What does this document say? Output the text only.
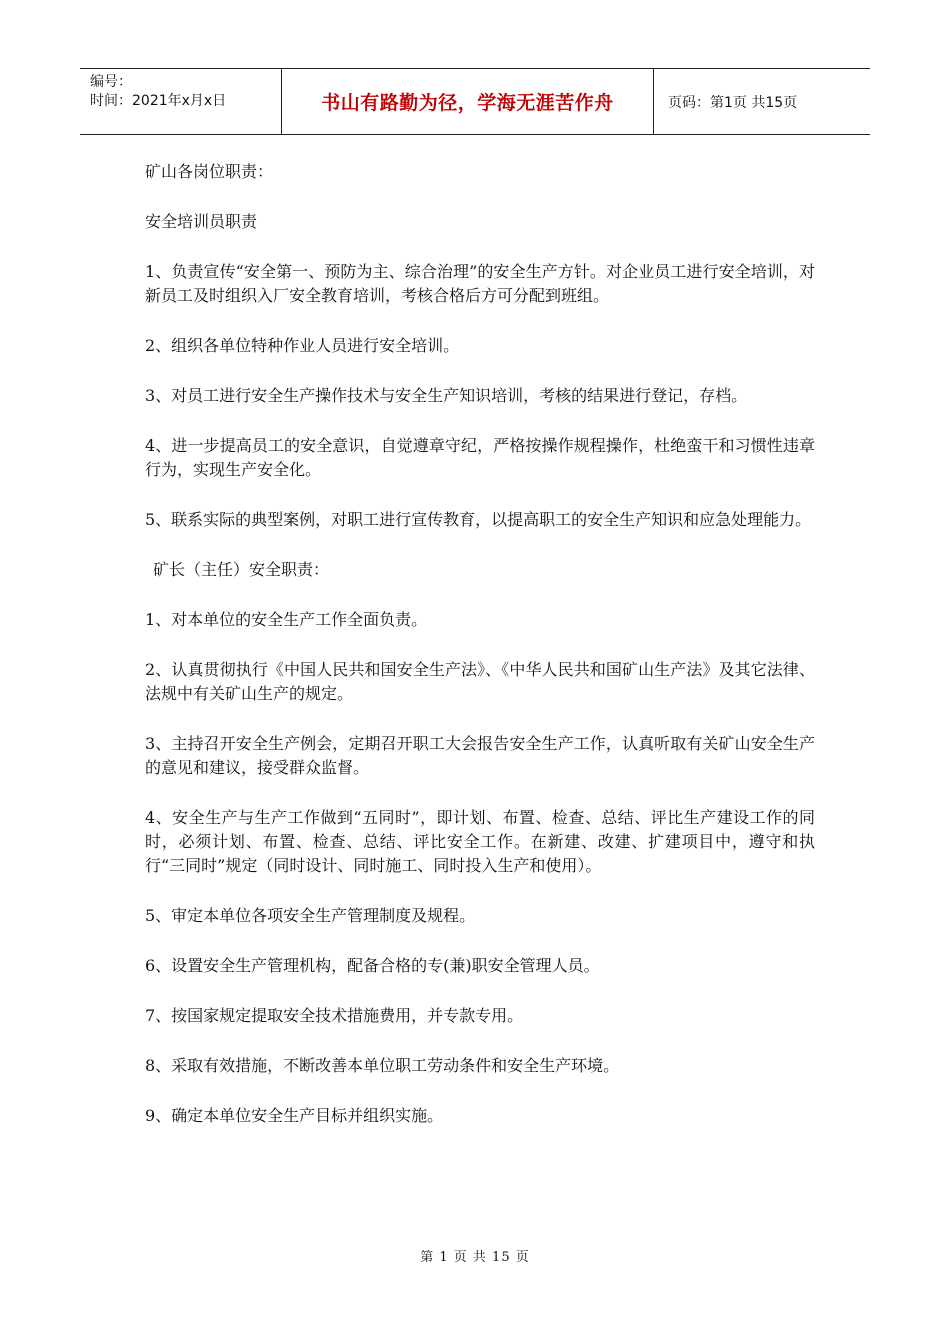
编号：
时间：2021年x月x日	书山有路勤为径，学海无涯苦作舟	页码：第1页 共15页

矿山各岗位职责：

安全培训员职责

1、负责宣传“安全第一、预防为主、综合治理”的安全生产方针。对企业员工进行安全培训，对新员工及时组织入厂安全教育培训，考核合格后方可分配到班组。

2、组织各单位特种作业人员进行安全培训。

3、对员工进行安全生产操作技术与安全生产知识培训，考核的结果进行登记，存档。

4、进一步提高员工的安全意识，自觉遵章守纪，严格按操作规程操作，杜绝蛮干和习惯性违章行为，实现生产安全化。

5、联系实际的典型案例，对职工进行宣传教育，以提高职工的安全生产知识和应急处理能力。

矿长（主任）安全职责：

1、对本单位的安全生产工作全面负责。

2、认真贯彻执行《中国人民共和国安全生产法》、《中华人民共和国矿山生产法》及其它法律、法规中有关矿山生产的规定。

3、主持召开安全生产例会，定期召开职工大会报告安全生产工作，认真听取有关矿山安全生产的意见和建议，接受群众监督。

4、安全生产与生产工作做到“五同时”，即计划、布置、检查、总结、评比生产建设工作的同时，必须计划、布置、检查、总结、评比安全工作。在新建、改建、扩建项目中，遵守和执行“三同时”规定（同时设计、同时施工、同时投入生产和使用）。

5、审定本单位各项安全生产管理制度及规程。

6、设置安全生产管理机构，配备合格的专(兼)职安全管理人员。

7、按国家规定提取安全技术措施费用，并专款专用。

8、采取有效措施，不断改善本单位职工劳动条件和安全生产环境。

9、确定本单位安全生产目标并组织实施。

第 1 页 共 15 页
